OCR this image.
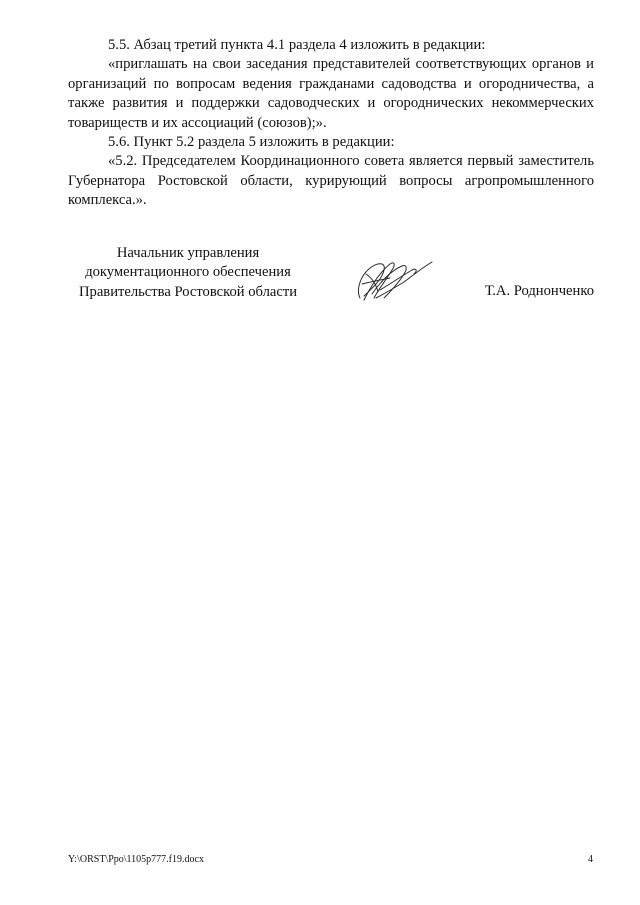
5.5. Абзац третий пункта 4.1 раздела 4 изложить в редакции:

«приглашать на свои заседания представителей соответствующих органов и организаций по вопросам ведения гражданами садоводства и огородничества, а также развития и поддержки садоводческих и огороднических некоммерческих товариществ и их ассоциаций (союзов);».

5.6. Пункт 5.2 раздела 5 изложить в редакции:

«5.2. Председателем Координационного совета является первый заместитель Губернатора Ростовской области, курирующий вопросы агропромышленного комплекса.».

Начальник управления
документационного обеспечения
Правительства Ростовской области	Т.А. Роднонченко
Y:\ORST\Ppo\1105p777.f19.docx	4
